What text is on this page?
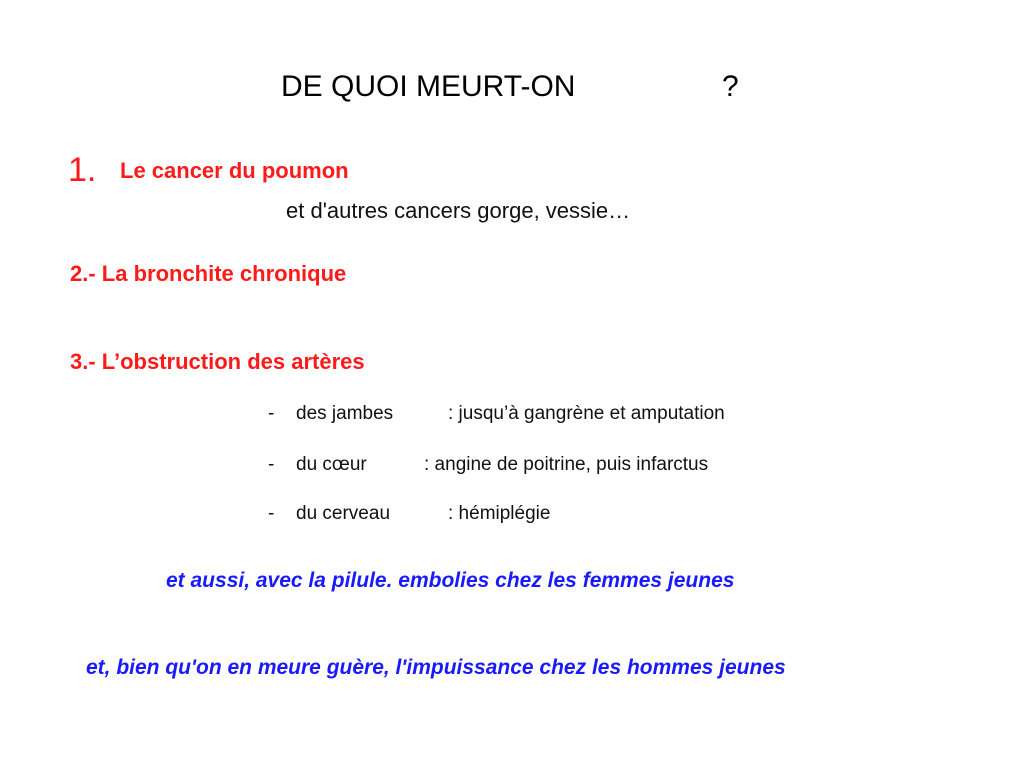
DE QUOI MEURT-ON	?
1. Le cancer du poumon
et d'autres cancers gorge, vessie…
2.- La bronchite chronique
3.- L’obstruction des artères
- des jambes	: jusqu’à gangrène et amputation
- du cœur	: angine de poitrine, puis infarctus
- du cerveau	: hémiplégie
et aussi, avec la pilule. embolies chez les femmes jeunes
et, bien qu'on en meure guère, l'impuissance chez les hommes jeunes
